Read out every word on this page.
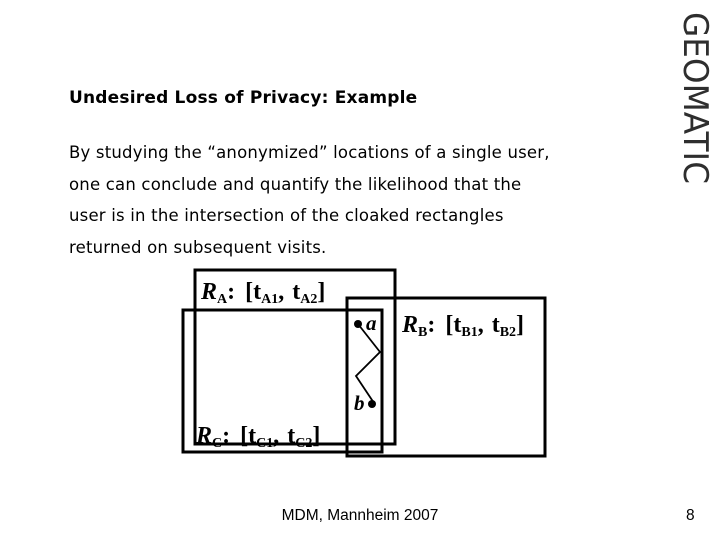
Undesired Loss of Privacy: Example
By studying the “anonymized” locations of a single user,
one can conclude and quantify the likelihood that the
user is in the intersection of the cloaked rectangles
returned on subsequent visits.
GEOMATIC
RA: [tA1, tA2]
RB: [tB1, tB2]
RC: [tC1, tC2]
a
b
MDM, Mannheim 2007	8
